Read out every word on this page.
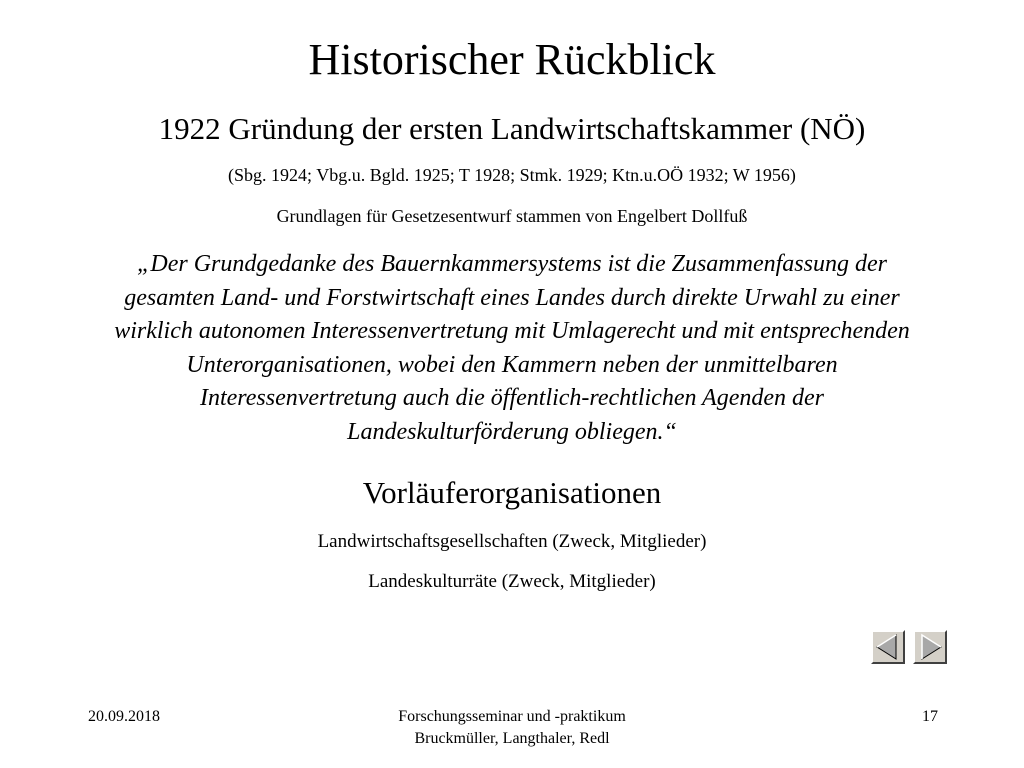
Historischer Rückblick
1922 Gründung der ersten Landwirtschaftskammer (NÖ)
(Sbg. 1924; Vbg.u. Bgld. 1925; T 1928; Stmk. 1929; Ktn.u.OÖ 1932; W 1956)
Grundlagen für Gesetzesentwurf stammen von Engelbert Dollfuß
„Der Grundgedanke des Bauernkammersystems ist die Zusammenfassung der
gesamten Land- und Forstwirtschaft eines Landes durch direkte Urwahl zu einer
wirklich autonomen Interessenvertretung mit Umlagerecht und mit entsprechenden
Unterorganisationen, wobei den Kammern neben der unmittelbaren
Interessenvertretung auch die öffentlich-rechtlichen Agenden der
Landeskulturförderung obliegen.“
Vorläuferorganisationen
Landwirtschaftsgesellschaften (Zweck, Mitglieder)
Landeskulturräte (Zweck, Mitglieder)
20.09.2018	Forschungsseminar und -praktikum
Bruckmüller, Langthaler, Redl
17
